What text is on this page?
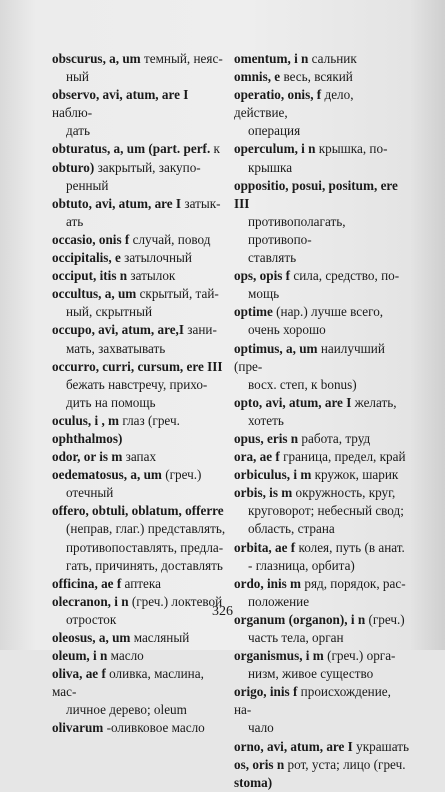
obscurus, a, um темный, неяс-
ный
observo, avi, atum, are I наблю-
дать
obturatus, a, um (part. perf. к
obturo) закрытый, закупо-
ренный
obtuto, avi, atum, are I затык-
ать
occasio, onis f случай, повод
occipitalis, e затылочный
occiput, itis n затылок
occultus, a, um скрытый, тай-
ный, скрытный
occupo, avi, atum, are,I зани-
мать, захватывать
occurro, curri, cursum, ere III
бежать навстречу, прихо-
дить на помощь
oculus, i , m глаз (греч.
ophthalmos)
odor, or is m запах
oedematosus, a, um (греч.)
отечный
offero, obtuli, oblatum, offerre
(неправ, глаг.) представлять,
противопоставлять, предла-
гать, причинять, доставлять
officina, ae f аптека
olecranon, i n (греч.) локтевой
отросток
oleosus, a, um масляный
oleum, i n масло
oliva, ae f оливка, маслина, мас-
личное дерево; oleum
olivarum -оливковое масло
omentum, i n сальник
omnis, e весь, всякий
operatio, onis, f дело, действие,
операция
operculum, i n крышка, по-
крышка
oppositio, posui, positum, ere III
противополагать, противопо-
ставлять
ops, opis f сила, средство, по-
мощь
optime (нар.) лучше всего,
очень хорошо
optimus, a, um наилучший (пре-
восх. степ, к bonus)
opto, avi, atum, are I желать,
хотеть
opus, eris n работа, труд
ora, ae f граница, предел, край
orbiculus, i m кружок, шарик
orbis, is m окружность, круг,
круговорот; небесный свод;
область, страна
orbita, ae f колея, путь (в анат.
- глазница, орбита)
ordo, inis m ряд, порядок, рас-
положение
organum (organon), i n (греч.)
часть тела, орган
organismus, i m (греч.) орга-
низм, живое существо
origo, inis f происхождение, на-
чало
orno, avi, atum, are I украшать
os, oris n рот, уста; лицо (греч.
stoma)
326
